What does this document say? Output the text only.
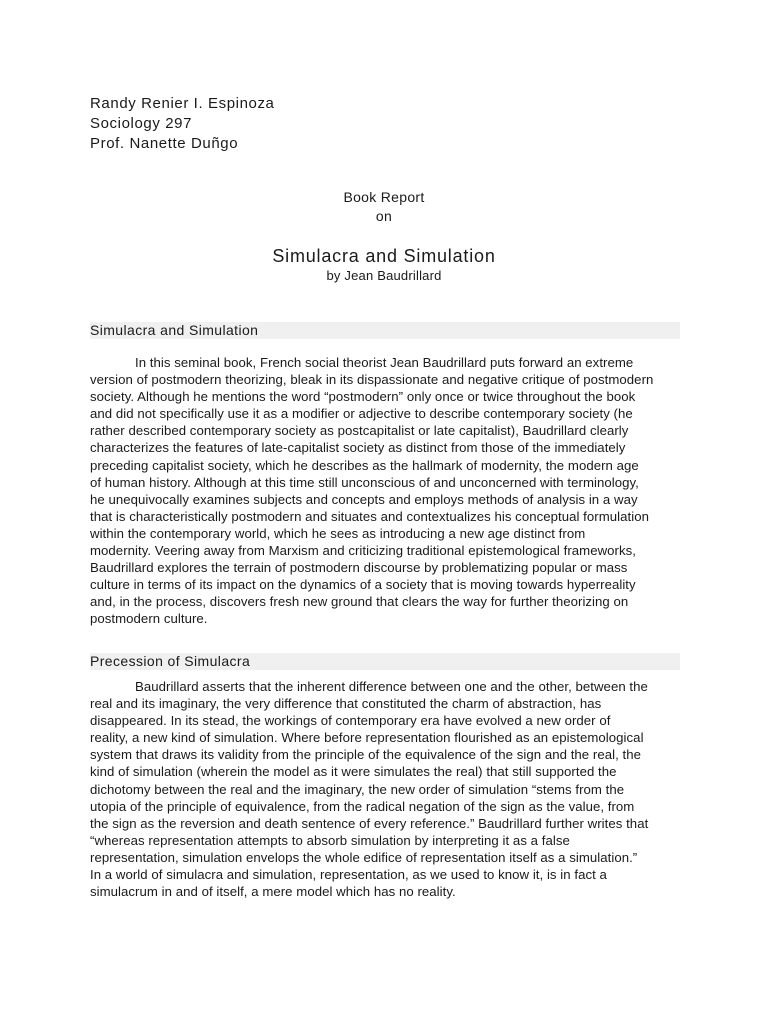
Randy Renier I. Espinoza
Sociology 297
Prof. Nanette Duñgo
Book Report
on
Simulacra and Simulation
by Jean Baudrillard
Simulacra and Simulation
In this seminal book, French social theorist Jean Baudrillard puts forward an extreme
version of postmodern theorizing, bleak in its dispassionate and negative critique of postmodern
society. Although he mentions the word “postmodern” only once or twice throughout the book
and did not specifically use it as a modifier or adjective to describe contemporary society (he
rather described contemporary society as postcapitalist or late capitalist), Baudrillard clearly
characterizes the features of late-capitalist society as distinct from those of the immediately
preceding capitalist society, which he describes as the hallmark of modernity, the modern age
of human history. Although at this time still unconscious of and unconcerned with terminology,
he unequivocally examines subjects and concepts and employs methods of analysis in a way
that is characteristically postmodern and situates and contextualizes his conceptual formulation
within the contemporary world, which he sees as introducing a new age distinct from
modernity. Veering away from Marxism and criticizing traditional epistemological frameworks,
Baudrillard explores the terrain of postmodern discourse by problematizing popular or mass
culture in terms of its impact on the dynamics of a society that is moving towards hyperreality
and, in the process, discovers fresh new ground that clears the way for further theorizing on
postmodern culture.
Precession of Simulacra
Baudrillard asserts that the inherent difference between one and the other, between the
real and its imaginary, the very difference that constituted the charm of abstraction, has
disappeared. In its stead, the workings of contemporary era have evolved a new order of
reality, a new kind of simulation. Where before representation flourished as an epistemological
system that draws its validity from the principle of the equivalence of the sign and the real, the
kind of simulation (wherein the model as it were simulates the real) that still supported the
dichotomy between the real and the imaginary, the new order of simulation “stems from the
utopia of the principle of equivalence, from the radical negation of the sign as the value, from
the sign as the reversion and death sentence of every reference.” Baudrillard further writes that
“whereas representation attempts to absorb simulation by interpreting it as a false
representation, simulation envelops the whole edifice of representation itself as a simulation.”
In a world of simulacra and simulation, representation, as we used to know it, is in fact a
simulacrum in and of itself, a mere model which has no reality.
